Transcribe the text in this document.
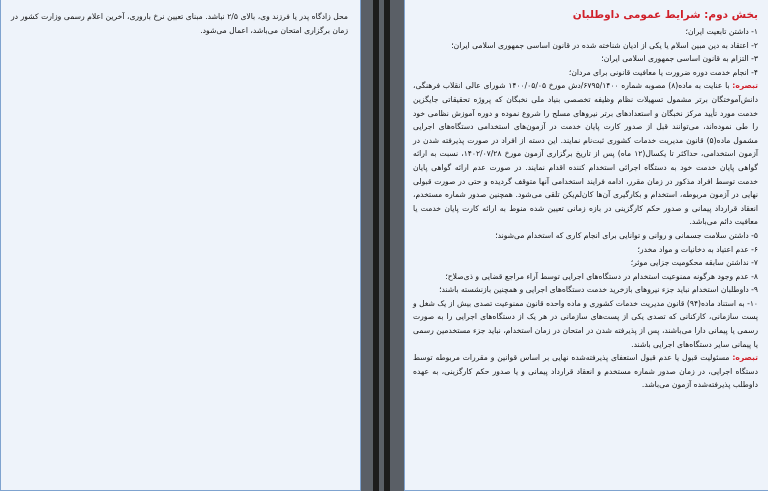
محل زادگاه پدر یا فرزند وی، بالای ۲/۵ نباشد. مبنای تعیین نرخ باروری، آخرین اعلام رسمی وزارت کشور در زمان برگزاری امتحان می‌باشد، اعمال می‌شود.

بخش دوم: شرایط عمومی داوطلبان

۱- داشتن تابعیت ایران؛

۲- اعتقاد به دین مبین اسلام یا یکی از ادیان شناخته شده در قانون اساسی جمهوری اسلامی ایران؛

۳- التزام به قانون اساسی جمهوری اسلامی ایران؛

۴- انجام خدمت دوره ضرورت یا معافیت قانونی برای مردان؛

تبصره: با عنایت به ماده(۸) مصوبه شماره ۶۷۹۵/۱۴۰۰/دش مورخ ۱۴۰۰/۰۵/۰۵ شورای عالی انقلاب فرهنگی، دانش‌آموختگان برتر مشمول تسهیلات نظام وظیفه تخصصی بنیاد ملی نخبگان که پروژه تحقیقاتی جایگزین خدمت مورد تأیید مرکز نخبگان و استعدادهای برتر نیروهای مسلح را شروع نموده و دوره آموزش نظامی خود را طی نموده‌اند، می‌توانند قبل از صدور کارت پایان خدمت در آزمون‌های استخدامی دستگاه‌های اجرایی مشمول ماده(۵) قانون مدیریت خدمات کشوری ثبت‌نام نمایند. این دسته از افراد در صورت پذیرفته شدن در آزمون استخدامی، حداکثر تا یکسال(۱۲ ماه) پس از تاریخ برگزاری آزمون مورخ ۱۴۰۲/۰۷/۲۸، نسبت به ارائه گواهی پایان خدمت خود به دستگاه اجرائی استخدام کننده اقدام نمایند. در صورت عدم ارائه گواهی پایان خدمت توسط افراد مذکور در زمان مقرر، ادامه فرایند استخدامی آنها متوقف گردیده و حتی در صورت قبولی نهایی در آزمون مربوطه، استخدام و بکارگیری آن‌ها کان‌لم‌یکن تلقی می‌شود. همچنین صدور شماره مستخدم، انعقاد قرارداد پیمانی و صدور حکم کارگزینی در بازه زمانی تعیین شده منوط به ارائه کارت پایان خدمت یا معافیت دائم می‌باشد.

۵- داشتن سلامت جسمانی و روانی و توانایی برای انجام کاری که استخدام می‌شوند؛

۶- عدم اعتیاد به دخانیات و مواد مخدر؛

۷- نداشتن سابقه محکومیت جزایی موثر؛

۸- عدم وجود هرگونه ممنوعیت استخدام در دستگاه‌های اجرایی توسط آراء مراجع قضایی و ذی‌صلاح؛

۹- داوطلبان استخدام نباید جزء نیروهای بازخرید خدمت دستگاه‌های اجرایی و همچنین بازنشسته باشند؛

۱۰- به استناد ماده(۹۴) قانون مدیریت خدمات کشوری و ماده واحده قانون ممنوعیت تصدی بیش از یک شغل و پست سازمانی، کارکنانی که تصدی یکی از پست‌های سازمانی در هر یک از دستگاه‌های اجرایی را به صورت رسمی یا پیمانی دارا می‌باشند، پس از پذیرفته شدن در امتحان در زمان استخدام، نباید جزء مستخدمین رسمی یا پیمانی سایر دستگاه‌های اجرایی باشند.

تبصره: مسئولیت قبول یا عدم قبول استعفای پذیرفته‌شده نهایی بر اساس قوانین و مقررات مربوطه توسط دستگاه اجرایی، در زمان صدور شماره مستخدم و انعقاد قرارداد پیمانی و یا صدور حکم کارگزینی، به عهده داوطلب پذیرفته‌شده آزمون می‌باشد.
